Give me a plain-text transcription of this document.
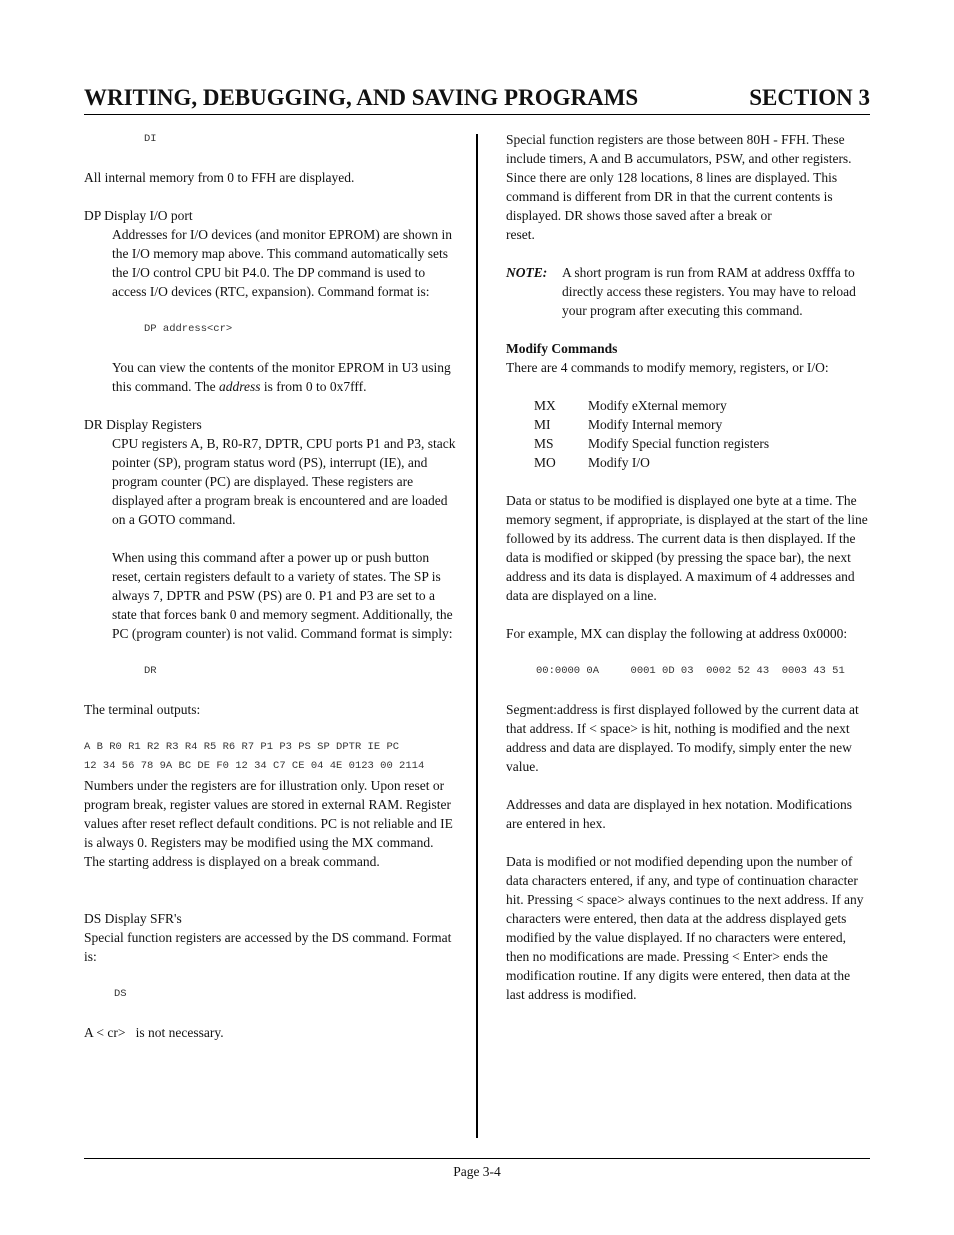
WRITING, DEBUGGING, AND SAVING PROGRAMS	SECTION 3

DI

All internal memory from 0 to FFH are displayed.

DP Display I/O port

Addresses for I/O devices (and monitor EPROM) are shown in the I/O memory map above. This command automatically sets the I/O control CPU bit P4.0. The DP command is used to access I/O devices (RTC, expansion). Command format is:

DP address<cr>

You can view the contents of the monitor EPROM in U3 using this command. The address is from 0 to 0x7fff.

DR Display Registers

CPU registers A, B, R0-R7, DPTR, CPU ports P1 and P3, stack pointer (SP), program status word (PS), interrupt (IE), and program counter (PC) are displayed. These registers are displayed after a program break is encountered and are loaded on a GOTO command.

When using this command after a power up or push button reset, certain registers default to a variety of states. The SP is always 7, DPTR and PSW (PS) are 0. P1 and P3 are set to a state that forces bank 0 and memory segment. Additionally, the PC (program counter) is not valid. Command format is simply:

DR

The terminal outputs:

A B R0 R1 R2 R3 R4 R5 R6 R7 P1 P3 PS SP DPTR IE PC

12 34 56 78 9A BC DE F0 12 34 C7 CE 04 4E 0123 00 2114

Numbers under the registers are for illustration only. Upon reset or program break, register values are stored in external RAM. Register values after reset reflect default conditions. PC is not reliable and IE is always 0. Registers may be modified using the MX command. The starting address is displayed on a break command.

DS Display SFR's

Special function registers are accessed by the DS command. Format is:

DS

A < cr>   is not necessary.

Special function registers are those between 80H - FFH. These include timers, A and B accumulators, PSW, and other registers. Since there are only 128 locations, 8 lines are displayed. This command is different from DR in that the current contents is displayed. DR shows those saved after a break or

reset.

NOTE:	A short program is run from RAM at address 0xfffa to directly access these registers. You may have to reload your program after executing this command.

Modify Commands

There are 4 commands to modify memory, registers, or I/O:

MX	Modify eXternal memory
MI	Modify Internal memory
MS	Modify Special function registers
MO	Modify I/O

Data or status to be modified is displayed one byte at a time. The memory segment, if appropriate, is displayed at the start of the line followed by its address. The current data is then displayed. If the data is modified or skipped (by pressing the space bar), the next address and its data is displayed. A maximum of 4 addresses and data are displayed on a line.

For example, MX can display the following at address 0x0000:

00:0000 0A     0001 0D 03  0002 52 43  0003 43 51

Segment:address is first displayed followed by the current data at that address. If < space> is hit, nothing is modified and the next address and data are displayed. To modify, simply enter the new value.

Addresses and data are displayed in hex notation. Modifications are entered in hex.

Data is modified or not modified depending upon the number of data characters entered, if any, and type of continuation character hit. Pressing < space> always continues to the next address. If any characters were entered, then data at the address displayed gets modified by the value displayed. If no characters were entered, then no modifications are made. Pressing < Enter> ends the modification routine. If any digits were entered, then data at the last address is modified.

Page 3-4
